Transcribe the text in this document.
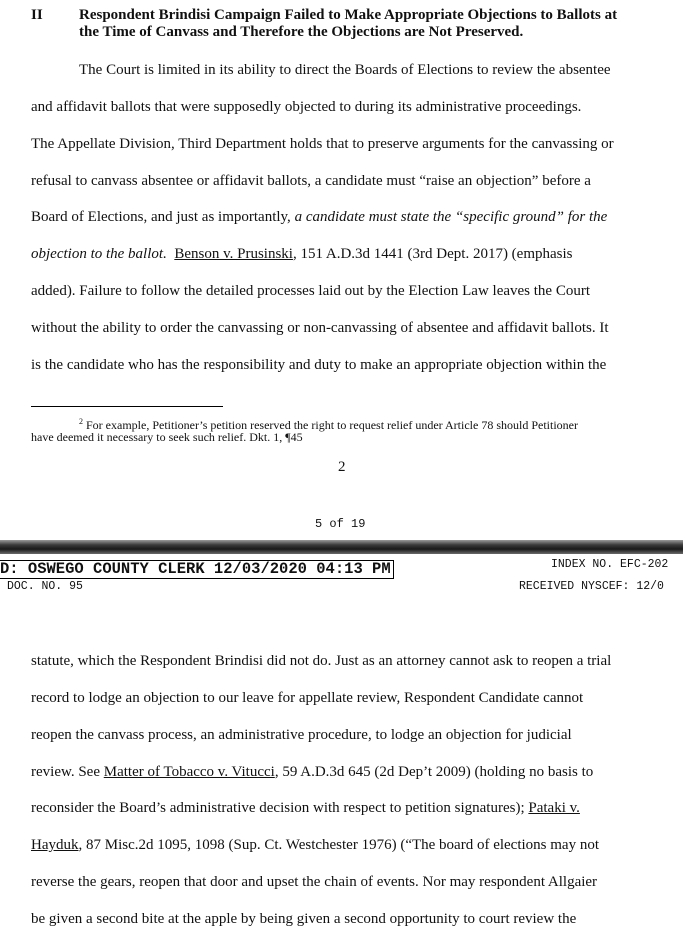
II Respondent Brindisi Campaign Failed to Make Appropriate Objections to Ballots at
the Time of Canvass and Therefore the Objections are Not Preserved.
The Court is limited in its ability to direct the Boards of Elections to review the absentee
and affidavit ballots that were supposedly objected to during its administrative proceedings.
The Appellate Division, Third Department holds that to preserve arguments for the canvassing or
refusal to canvass absentee or affidavit ballots, a candidate must “raise an objection” before a
Board of Elections, and just as importantly, a candidate must state the “specific ground” for the
objection to the ballot. Benson v. Prusinski, 151 A.D.3d 1441 (3rd Dept. 2017) (emphasis
added). Failure to follow the detailed processes laid out by the Election Law leaves the Court
without the ability to order the canvassing or non-canvassing of absentee and affidavit ballots. It
is the candidate who has the responsibility and duty to make an appropriate objection within the
$^2$ For example, Petitioner’s petition reserved the right to request relief under Article 78 should Petitioner
have deemed it necessary to seek such relief. Dkt. 1, ¶45
2
5 of 19
D: OSWEGO COUNTY CLERK 12/03/2020 04:13 PM	INDEX NO. EFC-202
DOC. NO. 95	RECEIVED NYSCEF: 12/0
statute, which the Respondent Brindisi did not do. Just as an attorney cannot ask to reopen a trial
record to lodge an objection to our leave for appellate review, Respondent Candidate cannot
reopen the canvass process, an administrative procedure, to lodge an objection for judicial
review. See Matter of Tobacco v. Vitucci, 59 A.D.3d 645 (2d Dep’t 2009) (holding no basis to
reconsider the Board’s administrative decision with respect to petition signatures); Pataki v.
Hayduk, 87 Misc.2d 1095, 1098 (Sup. Ct. Westchester 1976) (“The board of elections may not
reverse the gears, reopen that door and upset the chain of events. Nor may respondent Allgaier
be given a second bite at the apple by being given a second opportunity to court review the
